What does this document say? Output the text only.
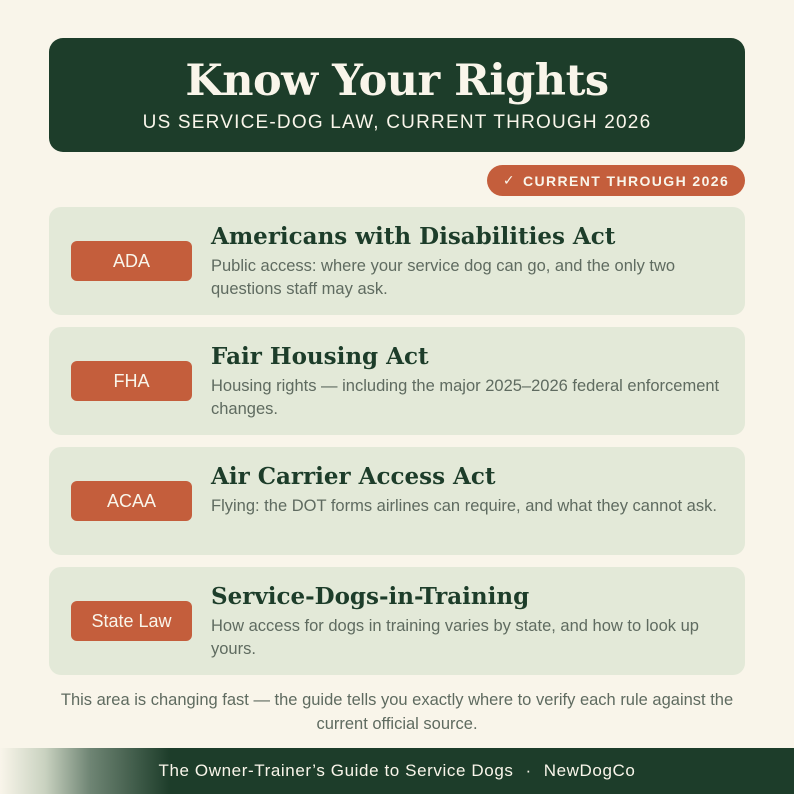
Know Your Rights
US SERVICE-DOG LAW, CURRENT THROUGH 2026
✓ CURRENT THROUGH 2026
ADA
Americans with Disabilities Act
Public access: where your service dog can go, and the only two questions staff may ask.
FHA
Fair Housing Act
Housing rights — including the major 2025–2026 federal enforcement changes.
ACAA
Air Carrier Access Act
Flying: the DOT forms airlines can require, and what they cannot ask.
State Law
Service-Dogs-in-Training
How access for dogs in training varies by state, and how to look up yours.

This area is changing fast — the guide tells you exactly where to verify each rule against the current official source.

The Owner-Trainer’s Guide to Service Dogs · NewDogCo
